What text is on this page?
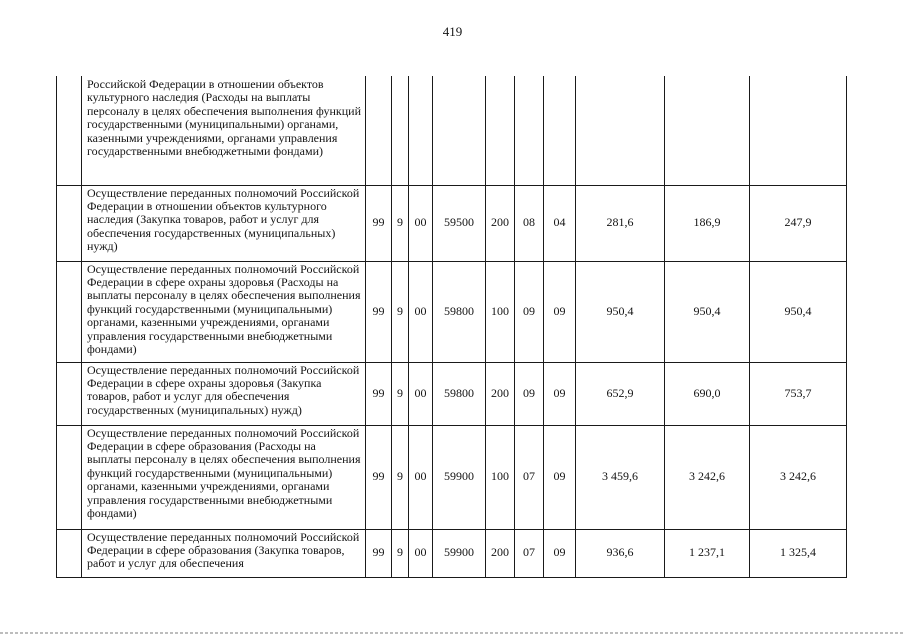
419
	Российской Федерации в отношении объектов культурного наследия (Расходы на выплаты персоналу в целях обеспечения выполнения функций государственными (муниципальными) органами, казенными учреждениями, органами управления государственными внебюджетными фондами)										
	Осуществление переданных полномочий Российской Федерации в отношении объектов культурного наследия (Закупка товаров, работ и услуг для обеспечения государственных (муниципальных) нужд)	99	9	00	59500	200	08	04	281,6	186,9	247,9
	Осуществление переданных полномочий Российской Федерации в сфере охраны здоровья (Расходы на выплаты персоналу в целях обеспечения выполнения функций государственными (муниципальными) органами, казенными учреждениями, органами управления государственными внебюджетными фондами)	99	9	00	59800	100	09	09	950,4	950,4	950,4
	Осуществление переданных полномочий Российской Федерации в сфере охраны здоровья (Закупка товаров, работ и услуг для обеспечения государственных (муниципальных) нужд)	99	9	00	59800	200	09	09	652,9	690,0	753,7
	Осуществление переданных полномочий Российской Федерации в сфере образования (Расходы на выплаты персоналу в целях обеспечения выполнения функций государственными (муниципальными) органами, казенными учреждениями, органами управления государственными внебюджетными фондами)	99	9	00	59900	100	07	09	3 459,6	3 242,6	3 242,6
	Осуществление переданных полномочий Российской Федерации в сфере образования (Закупка товаров, работ и услуг для обеспечения	99	9	00	59900	200	07	09	936,6	1 237,1	1 325,4
